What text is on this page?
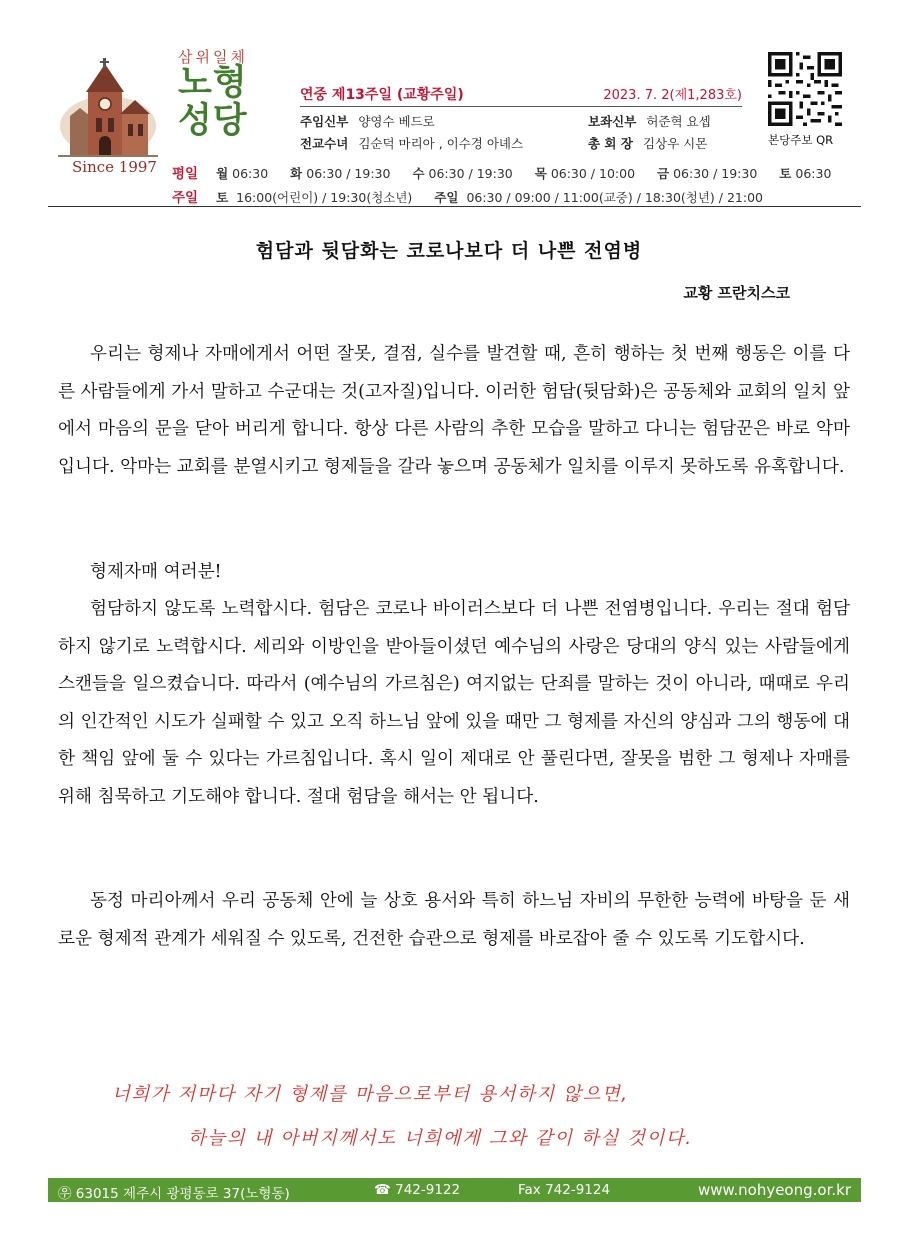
삼위일체
노형
성당
Since 1997
연중 제13주일 (교황주일)	2023. 7. 2(제1,283호)
주임신부 양영수 베드로	보좌신부 허준혁 요셉
전교수녀 김순덕 마리아 , 이수경 아녜스	총 회 장 김상우 시몬	본당주보 QR
평일 월 06:30 화 06:30 / 19:30 수 06:30 / 19:30 목 06:30 / 10:00 금 06:30 / 19:30 토 06:30
주일 토 16:00(어린이) / 19:30(청소년) 주일 06:30 / 09:00 / 11:00(교중) / 18:30(청년) / 21:00
험담과 뒷담화는 코로나보다 더 나쁜 전염병
교황 프란치스코

우리는 형제나 자매에게서 어떤 잘못, 결점, 실수를 발견할 때, 흔히 행하는 첫 번째 행동은 이를 다른 사람들에게 가서 말하고 수군대는 것(고자질)입니다. 이러한 험담(뒷담화)은 공동체와 교회의 일치 앞에서 마음의 문을 닫아 버리게 합니다. 항상 다른 사람의 추한 모습을 말하고 다니는 험담꾼은 바로 악마입니다. 악마는 교회를 분열시키고 형제들을 갈라 놓으며 공동체가 일치를 이루지 못하도록 유혹합니다.

형제자매 여러분!

험담하지 않도록 노력합시다. 험담은 코로나 바이러스보다 더 나쁜 전염병입니다. 우리는 절대 험담하지 않기로 노력합시다. 세리와 이방인을 받아들이셨던 예수님의 사랑은 당대의 양식 있는 사람들에게 스캔들을 일으켰습니다. 따라서 (예수님의 가르침은) 여지없는 단죄를 말하는 것이 아니라, 때때로 우리의 인간적인 시도가 실패할 수 있고 오직 하느님 앞에 있을 때만 그 형제를 자신의 양심과 그의 행동에 대한 책임 앞에 둘 수 있다는 가르침입니다. 혹시 일이 제대로 안 풀린다면, 잘못을 범한 그 형제나 자매를 위해 침묵하고 기도해야 합니다. 절대 험담을 해서는 안 됩니다.

동정 마리아께서 우리 공동체 안에 늘 상호 용서와 특히 하느님 자비의 무한한 능력에 바탕을 둔 새로운 형제적 관계가 세워질 수 있도록, 건전한 습관으로 형제를 바로잡아 줄 수 있도록 기도합시다.

너희가 저마다 자기 형제를 마음으로부터 용서하지 않으면,
하늘의 내 아버지께서도 너희에게 그와 같이 하실 것이다.
㉾ 63015 제주시 광평동로 37(노형동)	☎ 742-9122	Fax 742-9124	www.nohyeong.or.kr
